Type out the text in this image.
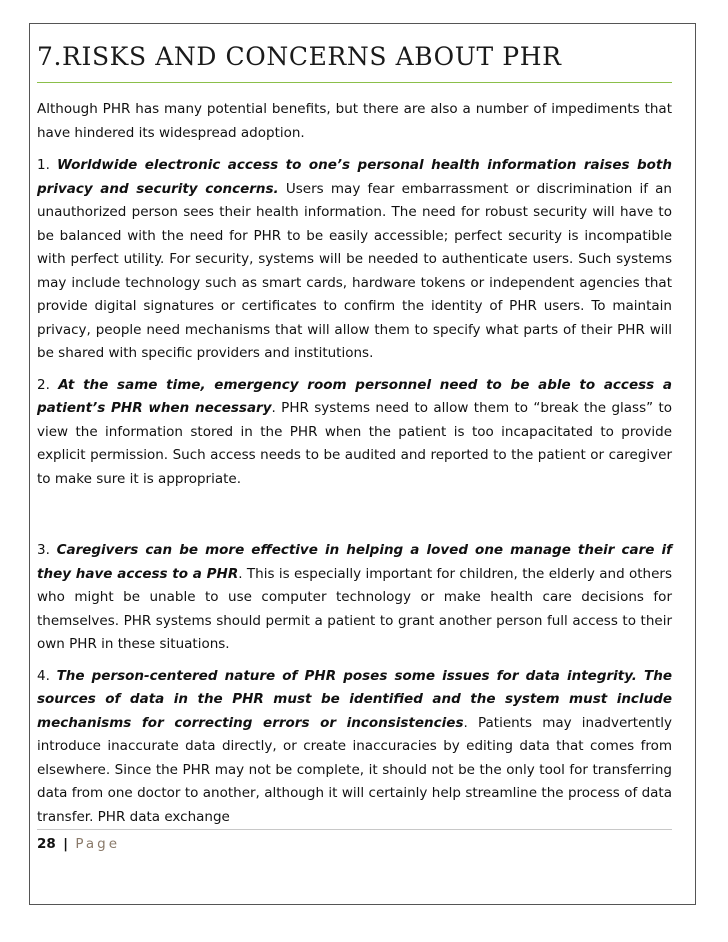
7.RISKS AND CONCERNS ABOUT PHR

Although PHR has many potential benefits, but there are also a number of impediments that have hindered its widespread adoption.

1. Worldwide electronic access to one’s personal health information raises both privacy and security concerns. Users may fear embarrassment or discrimination if an unauthorized person sees their health information. The need for robust security will have to be balanced with the need for PHR to be easily accessible; perfect security is incompatible with perfect utility. For security, systems will be needed to authenticate users. Such systems may include technology such as smart cards, hardware tokens or independent agencies that provide digital signatures or certificates to confirm the identity of PHR users. To maintain privacy, people need mechanisms that will allow them to specify what parts of their PHR will be shared with specific providers and institutions.

2. At the same time, emergency room personnel need to be able to access a patient’s PHR when necessary. PHR systems need to allow them to “break the glass” to view the information stored in the PHR when the patient is too incapacitated to provide explicit permission. Such access needs to be audited and reported to the patient or caregiver to make sure it is appropriate.

3. Caregivers can be more effective in helping a loved one manage their care if they have access to a PHR. This is especially important for children, the elderly and others who might be unable to use computer technology or make health care decisions for themselves. PHR systems should permit a patient to grant another person full access to their own PHR in these situations.

4. The person-centered nature of PHR poses some issues for data integrity. The sources of data in the PHR must be identified and the system must include mechanisms for correcting errors or inconsistencies. Patients may inadvertently introduce inaccurate data directly, or create inaccuracies by editing data that comes from elsewhere. Since the PHR may not be complete, it should not be the only tool for transferring data from one doctor to another, although it will certainly help streamline the process of data transfer. PHR data exchange

28 | Page
